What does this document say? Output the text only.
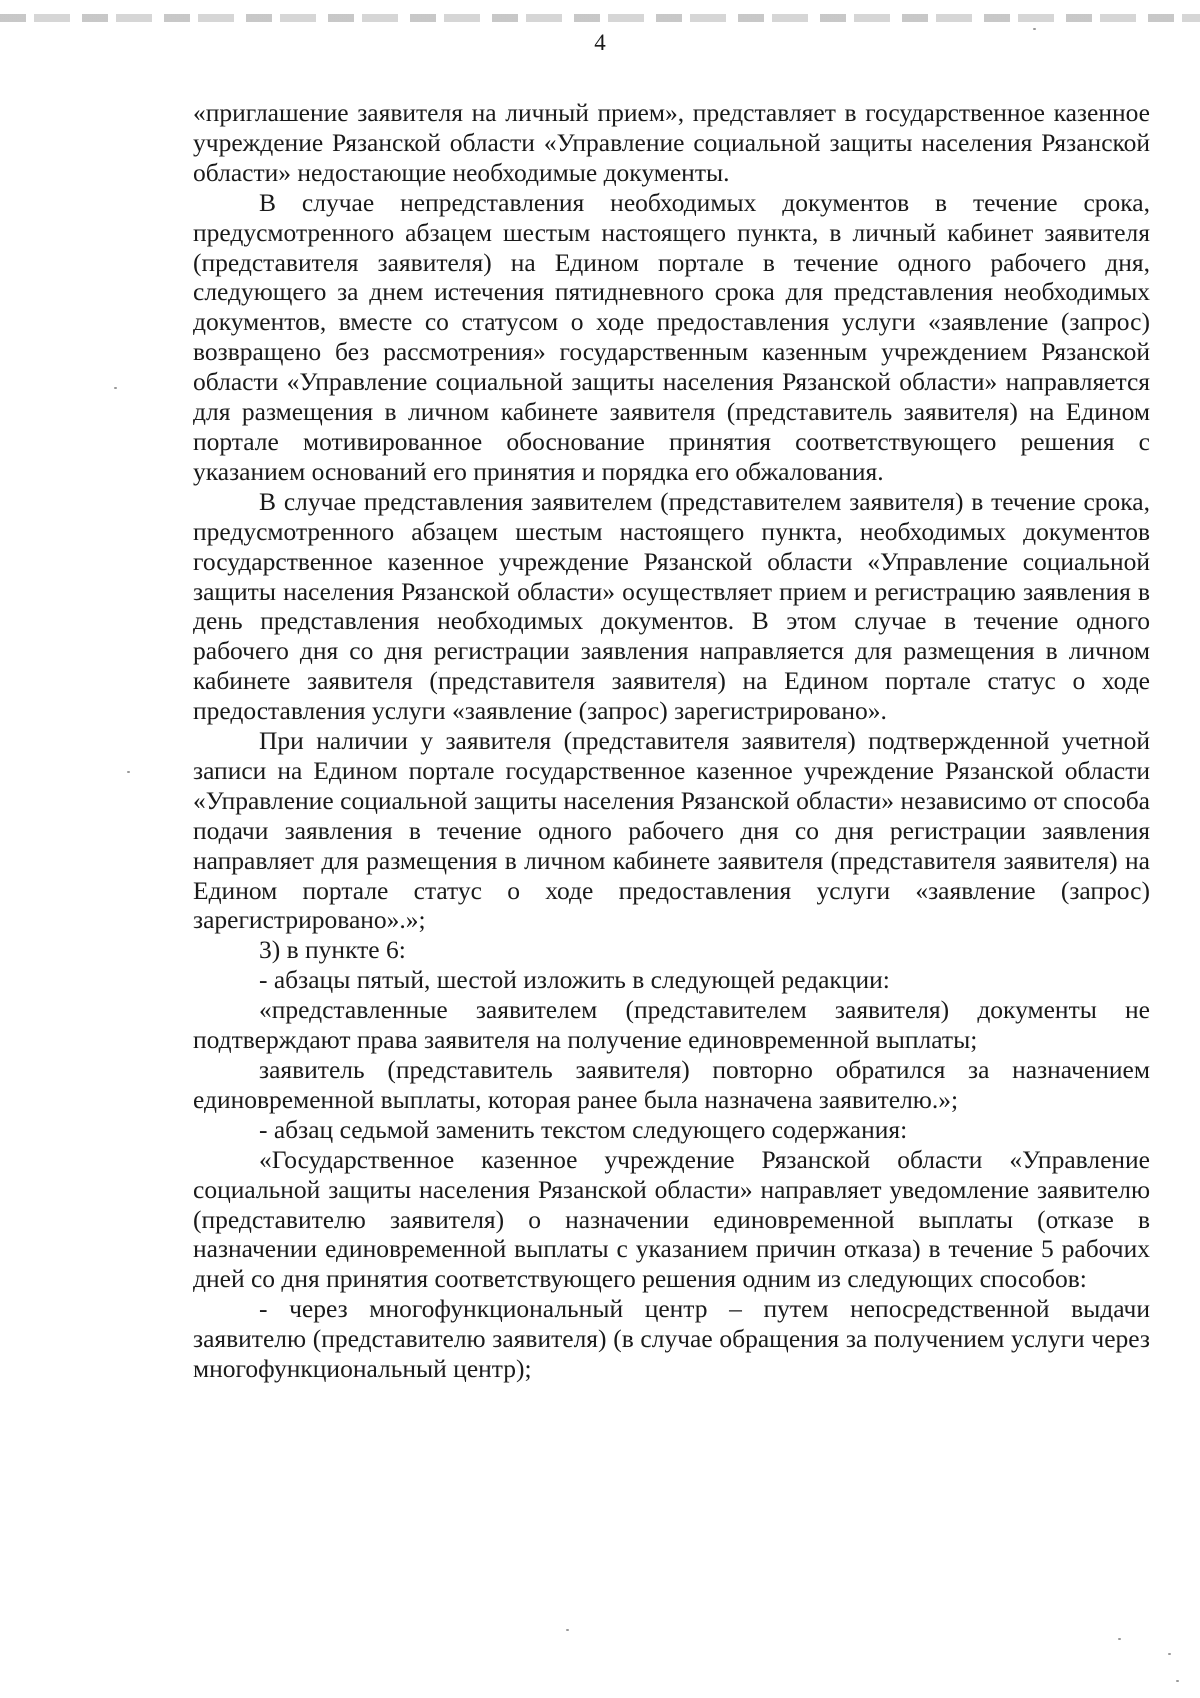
4

«приглашение заявителя на личный прием», представляет в государственное казенное учреждение Рязанской области «Управление социальной защиты населения Рязанской области» недостающие необходимые документы.

В случае непредставления необходимых документов в течение срока, предусмотренного абзацем шестым настоящего пункта, в личный кабинет заявителя (представителя заявителя) на Едином портале в течение одного рабочего дня, следующего за днем истечения пятидневного срока для представления необходимых документов, вместе со статусом о ходе предоставления услуги «заявление (запрос) возвращено без рассмотрения» государственным казенным учреждением Рязанской области «Управление социальной защиты населения Рязанской области» направляется для размещения в личном кабинете заявителя (представитель заявителя) на Едином портале мотивированное обоснование принятия соответствующего решения с указанием оснований его принятия и порядка его обжалования.

В случае представления заявителем (представителем заявителя) в течение срока, предусмотренного абзацем шестым настоящего пункта, необходимых документов государственное казенное учреждение Рязанской области «Управление социальной защиты населения Рязанской области» осуществляет прием и регистрацию заявления в день представления необходимых документов. В этом случае в течение одного рабочего дня со дня регистрации заявления направляется для размещения в личном кабинете заявителя (представителя заявителя) на Едином портале статус о ходе предоставления услуги «заявление (запрос) зарегистрировано».

При наличии у заявителя (представителя заявителя) подтвержденной учетной записи на Едином портале государственное казенное учреждение Рязанской области «Управление социальной защиты населения Рязанской области» независимо от способа подачи заявления в течение одного рабочего дня со дня регистрации заявления направляет для размещения в личном кабинете заявителя (представителя заявителя) на Едином портале статус о ходе предоставления услуги «заявление (запрос) зарегистрировано».»;

3) в пункте 6:

- абзацы пятый, шестой изложить в следующей редакции:

«представленные заявителем (представителем заявителя) документы не подтверждают права заявителя на получение единовременной выплаты;

заявитель (представитель заявителя) повторно обратился за назначением единовременной выплаты, которая ранее была назначена заявителю.»;

- абзац седьмой заменить текстом следующего содержания:

«Государственное казенное учреждение Рязанской области «Управление социальной защиты населения Рязанской области» направляет уведомление заявителю (представителю заявителя) о назначении единовременной выплаты (отказе в назначении единовременной выплаты с указанием причин отказа) в течение 5 рабочих дней со дня принятия соответствующего решения одним из следующих способов:

- через многофункциональный центр – путем непосредственной выдачи заявителю (представителю заявителя) (в случае обращения за получением услуги через многофункциональный центр);
